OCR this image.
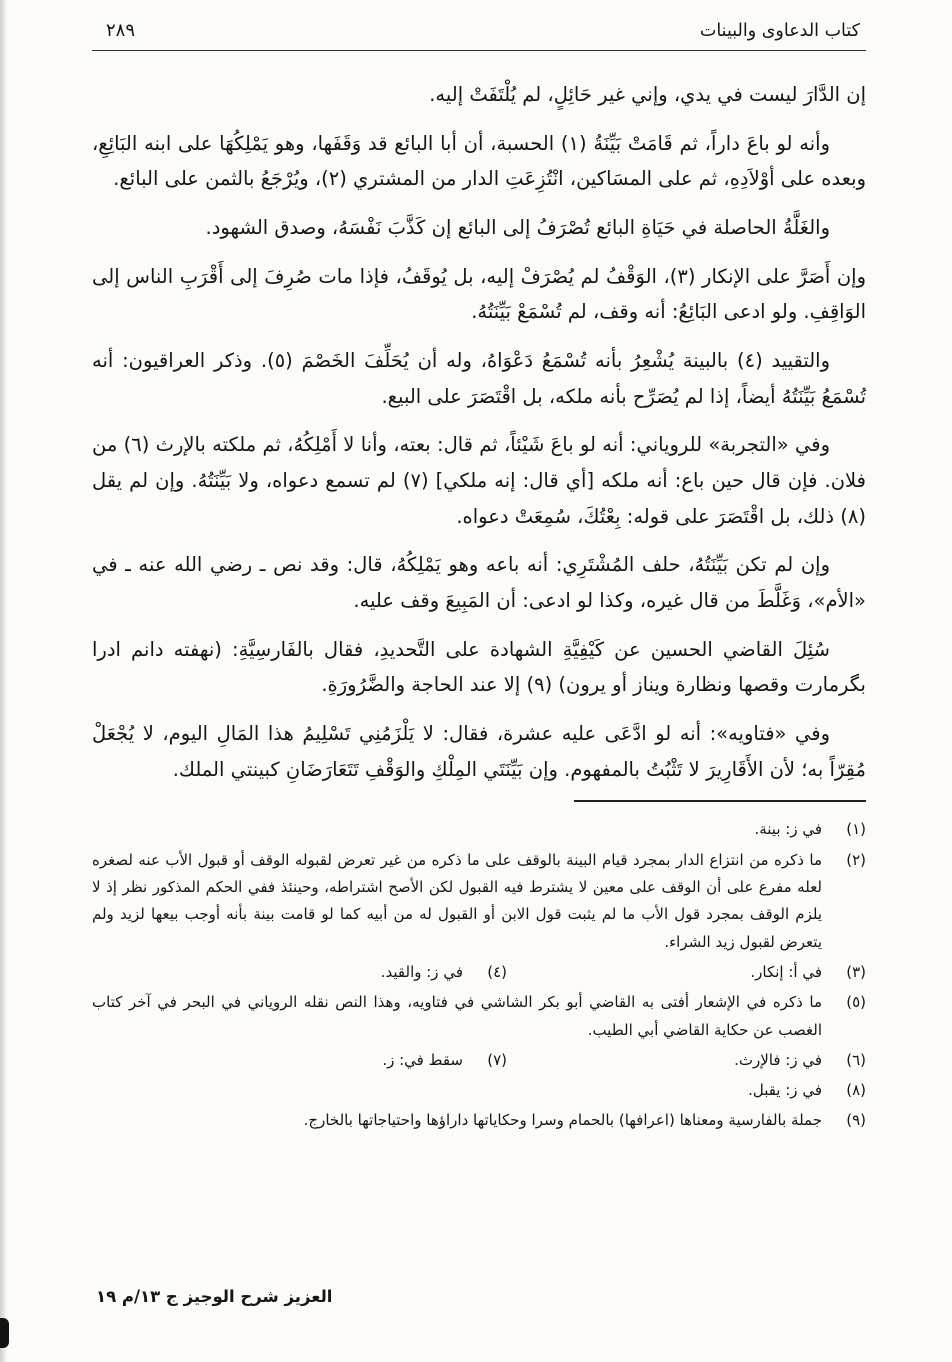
كتاب الدعاوى والبينات
٢٨٩

إن الدَّارَ ليست في يدي، وإني غير حَائِلٍ، لم يُلْتَفَتْ إليه.

وأنه لو باعَ داراً، ثم قَامَتْ بَيِّنَةُ (١) الحسبة، أن أبا البائع قد وَقَفَها، وهو يَمْلِكُهَا على ابنه البَائِعِ، وبعده على أوْلاَدِهِ، ثم على المسَاكين، انْتُزِعَتِ الدار من المشتري (٢)، ويُرْجَعُ بالثمن على البائع.

والغَلَّةُ الحاصلة في حَيَاةِ البائع تُصْرَفُ إلى البائع إن كَذَّبَ نَفْسَهُ، وصدق الشهود.

وإن أَصَرَّ على الإنكار (٣)، الوَقْفُ لم يُصْرَفْ إليه، بل يُوقَفُ، فإذا مات صُرِفَ إلى أَقْرَبِ الناس إلى الوَاقِفِ. ولو ادعى البَائِعُ: أنه وقف، لم تُسْمَعْ بَيِّنَتُهُ.

والتقييد (٤) بالبينة يُشْعِرُ بأنه تُسْمَعُ دَعْوَاهُ، وله أن يُحَلِّفَ الخَصْمَ (٥). وذكر العراقيون: أنه تُسْمَعُ بَيِّنَتُهُ أيضاً، إذا لم يُصَرِّح بأنه ملكه، بل اقْتَصَرَ على البيع.

وفي «التجربة» للروياني: أنه لو باعَ شَيْئاً، ثم قال: بعته، وأنا لا أَمْلِكُهُ، ثم ملكته بالإرث (٦) من فلان. فإن قال حين باع: أنه ملكه [أي قال: إنه ملكي] (٧) لم تسمع دعواه، ولا بَيِّنَتُهُ. وإن لم يقل (٨) ذلك، بل اقْتَصَرَ على قوله: بِعْتُكَ، سُمِعَتْ دعواه.

وإن لم تكن بَيِّنَتُهُ، حلف المُشْتَرِي: أنه باعه وهو يَمْلِكُهُ، قال: وقد نص ـ رضي الله عنه ـ في «الأم»، وَغَلَّطَ من قال غيره، وكذا لو ادعى: أن المَبِيعَ وقف عليه.

سُئِلَ القاضي الحسين عن كَيْفِيَّةِ الشهادة على التَّحديدِ، فقال بالفَارسِيَّةِ: (نهفته دانم ادرا بگرمارت وقصها ونظارة ويناز أو يرون) (٩) إلا عند الحاجة والضَّرُورَةِ.

وفي «فتاويه»: أنه لو ادَّعَى عليه عشرة، فقال: لا يَلْزَمُنِي تَسْلِيمُ هذا المَالِ اليوم، لا يُجْعَلْ مُقِرّاً به؛ لأن الأَقَارِيرَ لا تَثْبُتُ بالمفهوم. وإن بَيِّنَتَي المِلْكِ والوَقْفِ تَتَعَارَضَانِ كبينتي الملك.

(١)
في ز: بينة.
(٢)
ما ذكره من انتزاع الدار بمجرد قيام البينة بالوقف على ما ذكره من غير تعرض لقبوله الوقف أو قبول الأب عنه لصغره لعله مفرع على أن الوقف على معين لا يشترط فيه القبول لكن الأصح اشتراطه، وحينئذ ففي الحكم المذكور نظر إذ لا يلزم الوقف بمجرد قول الأب ما لم يثبت قول الابن أو القبول له من أبيه كما لو قامت بينة بأنه أوجب بيعها لزيد ولم يتعرض لقبول زيد الشراء.
(٣)
في أ: إنكار.
(٤)
في ز: والقيد.
(٥)
ما ذكره في الإشعار أفتى به القاضي أبو بكر الشاشي في فتاويه، وهذا النص نقله الروياني في البحر في آخر كتاب الغصب عن حكاية القاضي أبي الطيب.
(٦)
في ز: فالإرث.
(٧)
سقط في: ز.
(٨)
في ز: يقبل.
(٩)
جملة بالفارسية ومعناها (اعرافها) بالحمام وسرا وحكاياتها داراؤها واحتياجاتها بالخارج.
العزيز شرح الوجيز ج ١٣/م ١٩
